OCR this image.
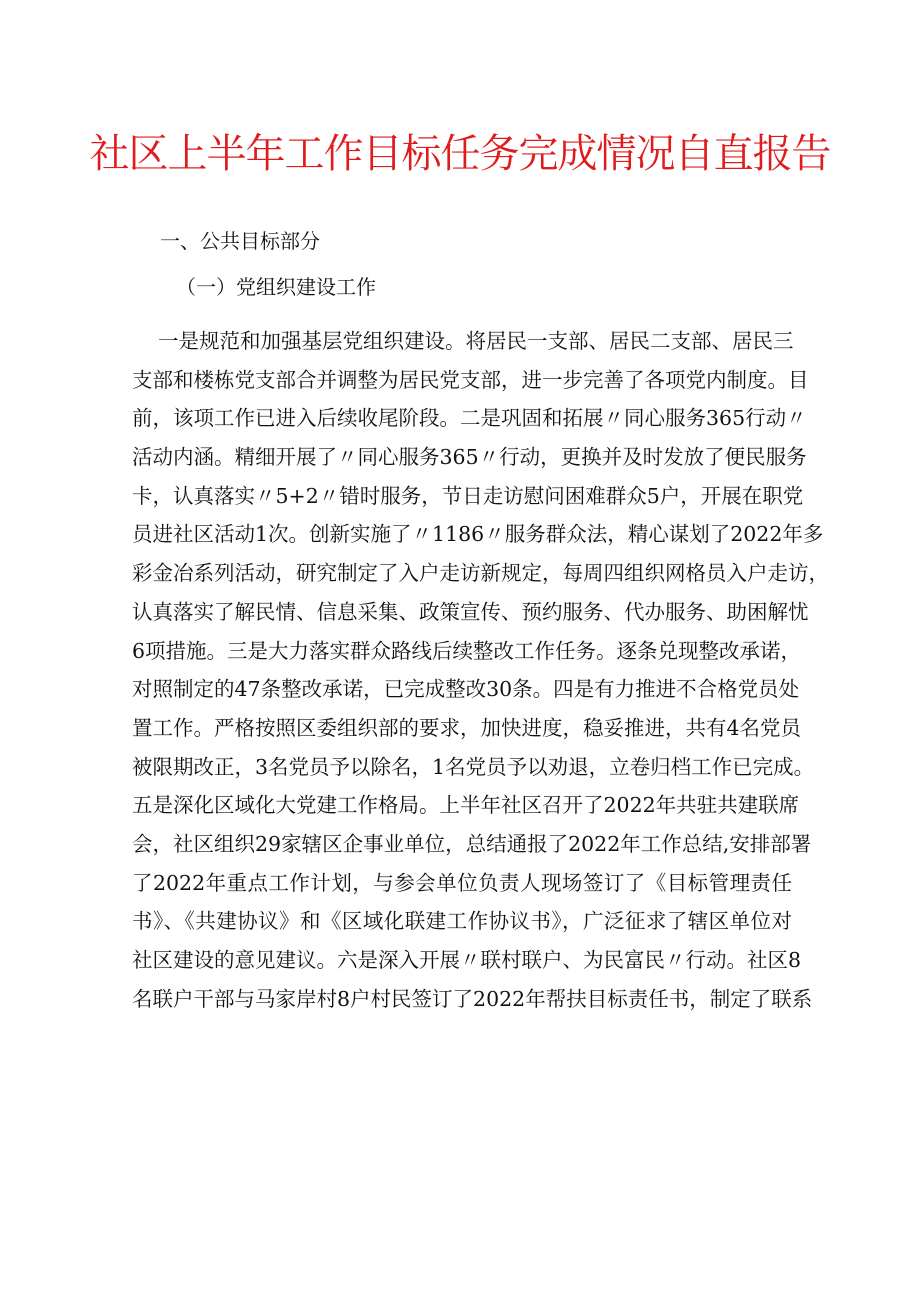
社区上半年工作目标任务完成情况自直报告

一、公共目标部分

（一）党组织建设工作

一是规范和加强基层党组织建设。将居民一支部、居民二支部、居民三
支部和楼栋党支部合并调整为居民党支部，进一步完善了各项党内制度。目
前，该项工作已进入后续收尾阶段。二是巩固和拓展〃同心服务365行动〃
活动内涵。精细开展了〃同心服务365〃行动，更换并及时发放了便民服务
卡，认真落实〃5+2〃错时服务，节日走访慰问困难群众5户，开展在职党
员进社区活动1次。创新实施了〃1186〃服务群众法，精心谋划了2022年多
彩金冶系列活动，研究制定了入户走访新规定，每周四组织网格员入户走访，
认真落实了解民情、信息采集、政策宣传、预约服务、代办服务、助困解忧
6项措施。三是大力落实群众路线后续整改工作任务。逐条兑现整改承诺，
对照制定的47条整改承诺，已完成整改30条。四是有力推进不合格党员处
置工作。严格按照区委组织部的要求，加快进度，稳妥推进，共有4名党员
被限期改正，3名党员予以除名，1名党员予以劝退，立卷归档工作已完成。
五是深化区域化大党建工作格局。上半年社区召开了2022年共驻共建联席
会，社区组织29家辖区企事业单位，总结通报了2022年工作总结,安排部署
了2022年重点工作计划，与参会单位负责人现场签订了《目标管理责任
书》、《共建协议》和《区域化联建工作协议书》，广泛征求了辖区单位对
社区建设的意见建议。六是深入开展〃联村联户、为民富民〃行动。社区8
名联户干部与马家岸村8户村民签订了2022年帮扶目标责任书，制定了联系
